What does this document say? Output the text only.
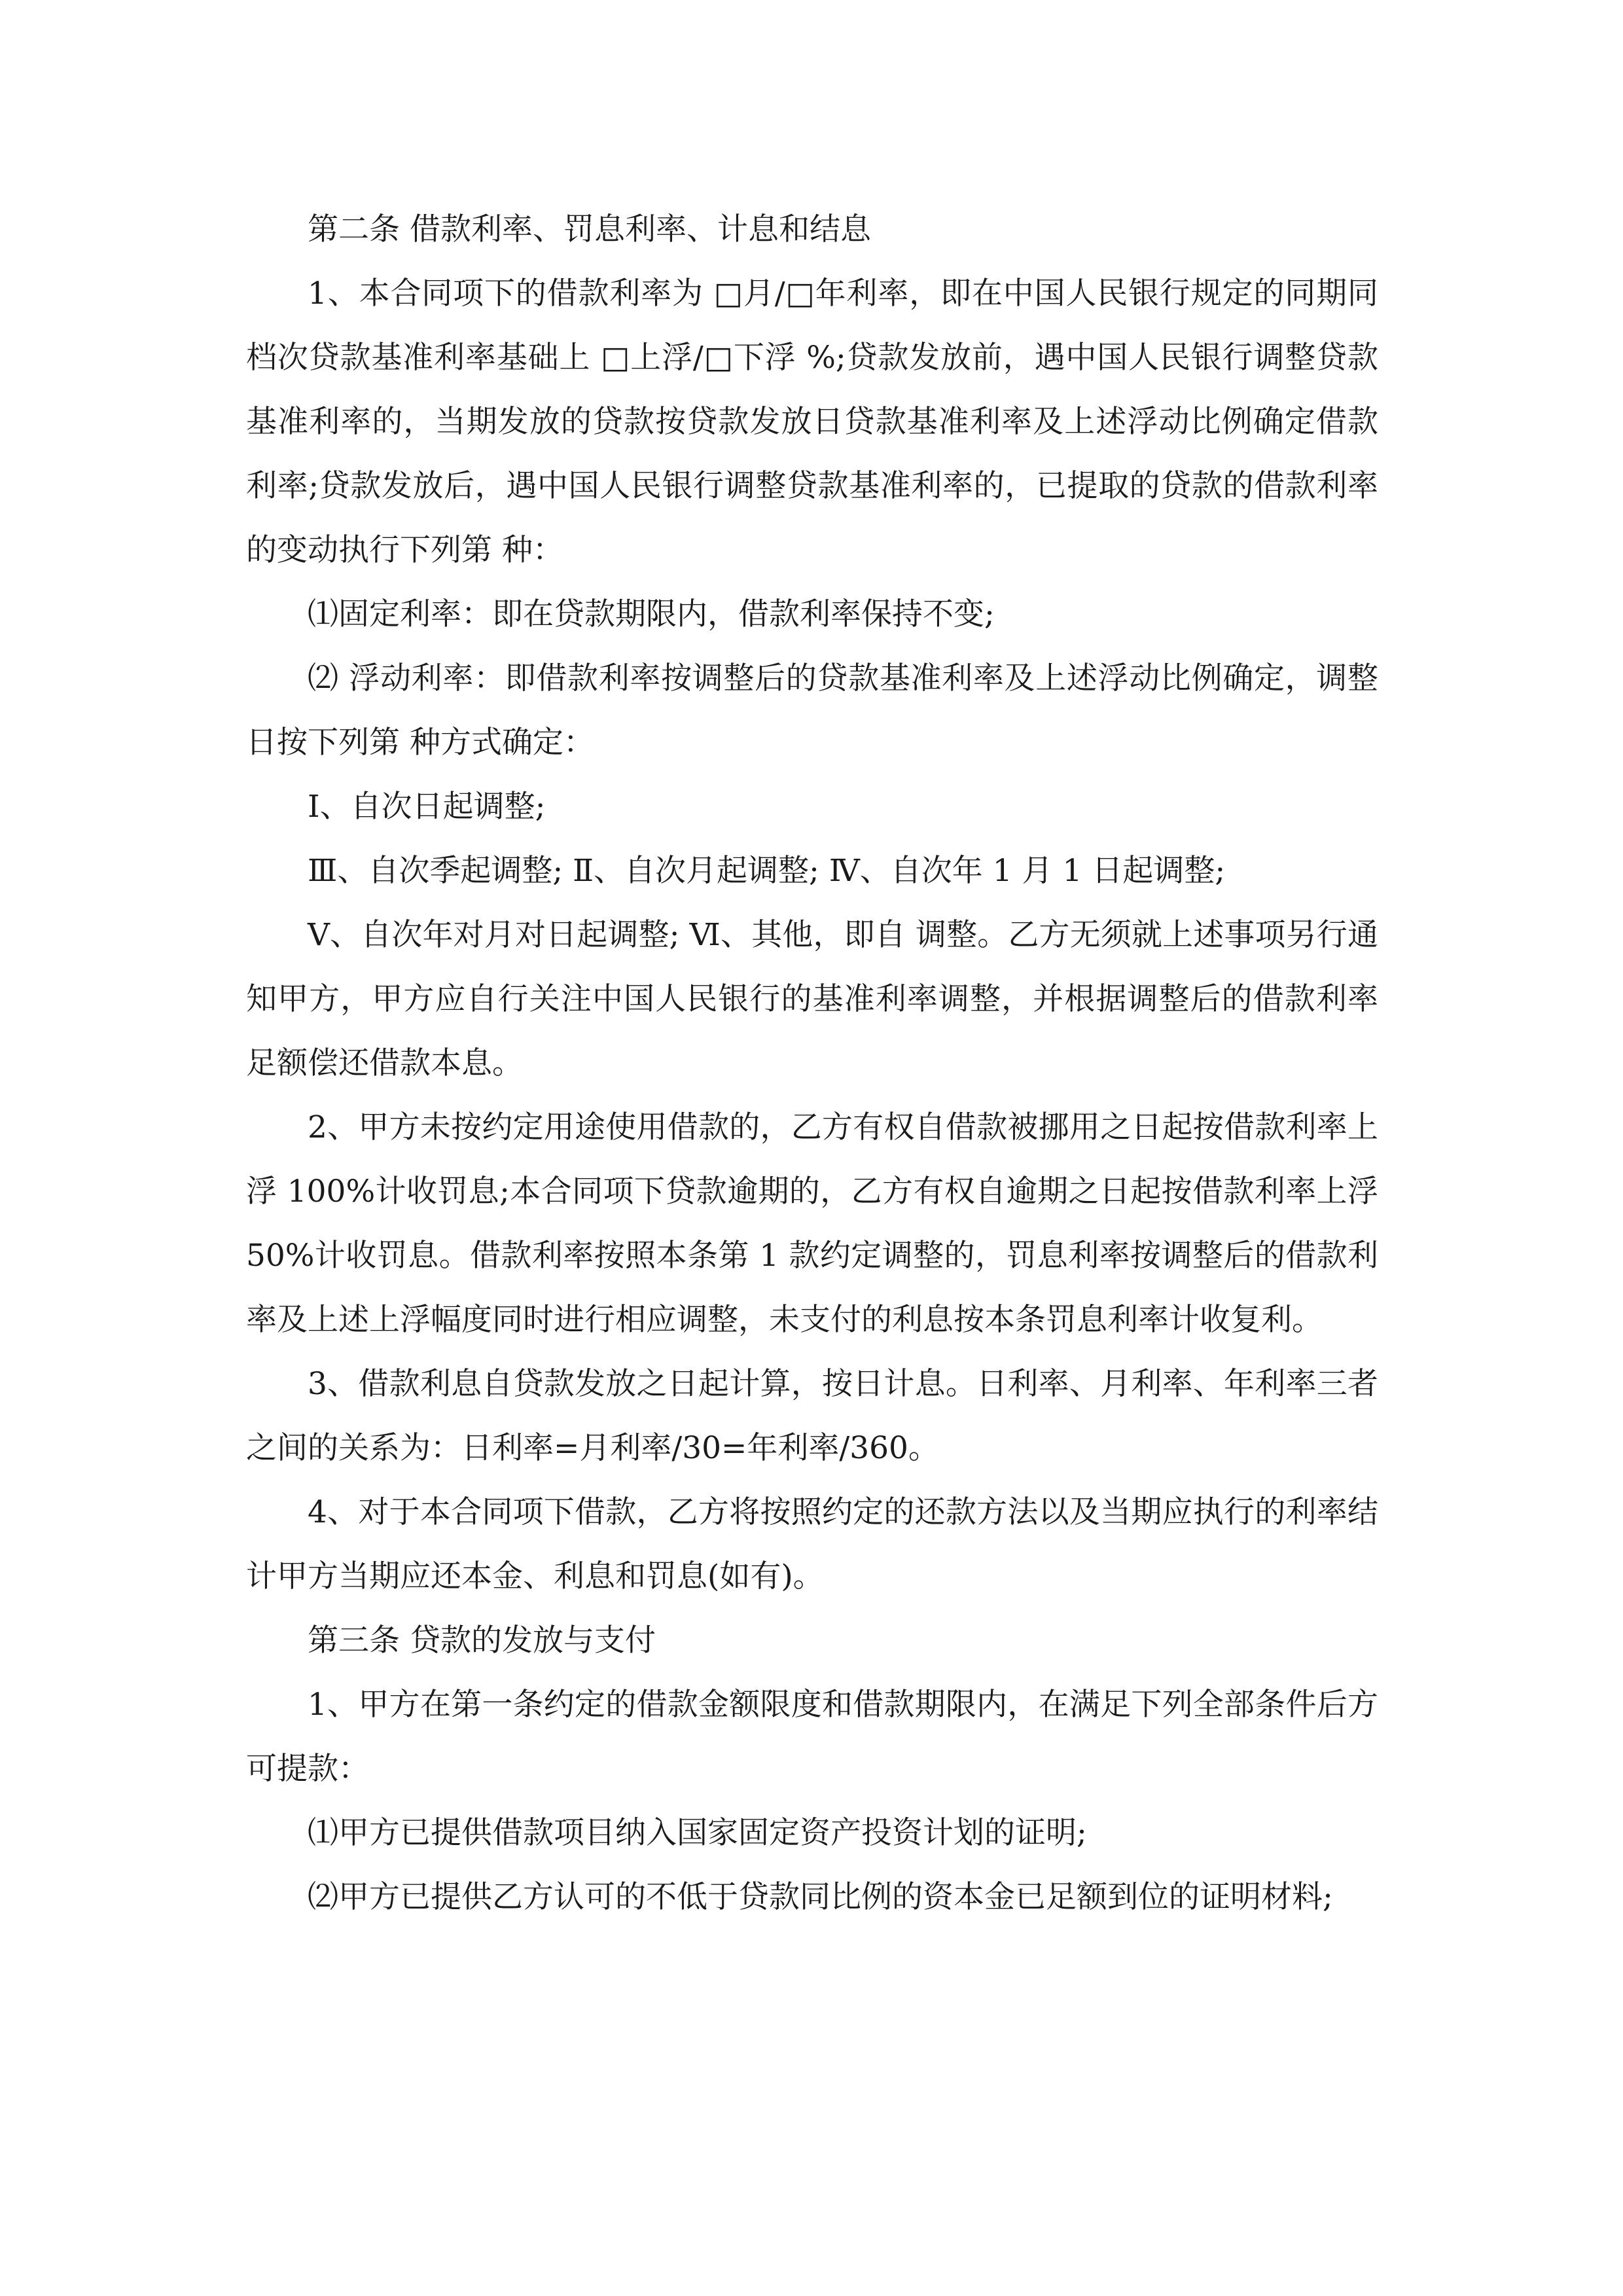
第二条 借款利率、罚息利率、计息和结息

1、本合同项下的借款利率为 □月/□年利率，即在中国人民银行规定的同期同档次贷款基准利率基础上 □上浮/□下浮 %;贷款发放前，遇中国人民银行调整贷款基准利率的，当期发放的贷款按贷款发放日贷款基准利率及上述浮动比例确定借款利率;贷款发放后，遇中国人民银行调整贷款基准利率的，已提取的贷款的借款利率的变动执行下列第 种：

⑴固定利率：即在贷款期限内，借款利率保持不变;

⑵ 浮动利率：即借款利率按调整后的贷款基准利率及上述浮动比例确定，调整日按下列第 种方式确定：

Ⅰ、自次日起调整;

Ⅲ、自次季起调整; Ⅱ、自次月起调整; Ⅳ、自次年 1 月 1 日起调整;

Ⅴ、自次年对月对日起调整; Ⅵ、其他，即自 调整。乙方无须就上述事项另行通知甲方，甲方应自行关注中国人民银行的基准利率调整，并根据调整后的借款利率足额偿还借款本息。

2、甲方未按约定用途使用借款的，乙方有权自借款被挪用之日起按借款利率上浮 100%计收罚息;本合同项下贷款逾期的，乙方有权自逾期之日起按借款利率上浮 50%计收罚息。借款利率按照本条第 1 款约定调整的，罚息利率按调整后的借款利率及上述上浮幅度同时进行相应调整，未支付的利息按本条罚息利率计收复利。

3、借款利息自贷款发放之日起计算，按日计息。日利率、月利率、年利率三者之间的关系为：日利率=月利率/30=年利率/360。

4、对于本合同项下借款，乙方将按照约定的还款方法以及当期应执行的利率结计甲方当期应还本金、利息和罚息(如有)。

第三条 贷款的发放与支付

1、甲方在第一条约定的借款金额限度和借款期限内，在满足下列全部条件后方可提款：

⑴甲方已提供借款项目纳入国家固定资产投资计划的证明;

⑵甲方已提供乙方认可的不低于贷款同比例的资本金已足额到位的证明材料;
